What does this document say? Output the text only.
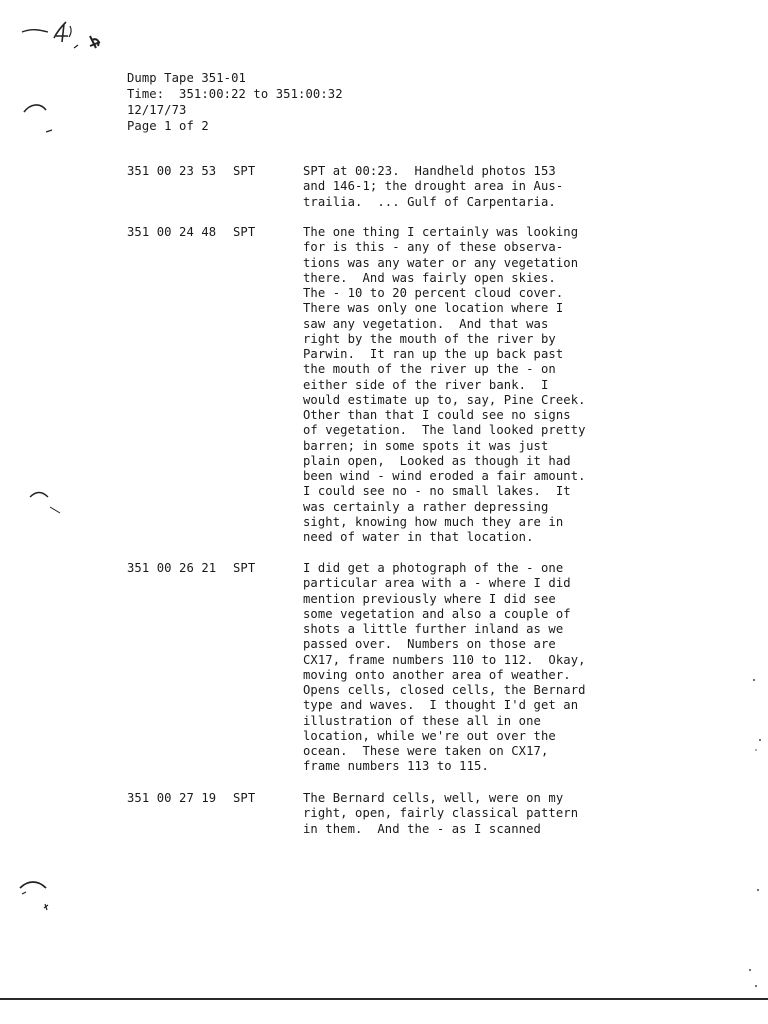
Dump Tape 351-01
Time:  351:00:22 to 351:00:32
12/17/73
Page 1 of 2
351 00 23 53 SPT	SPT at 00:23.  Handheld photos 153
and 146-1; the drought area in Aus-
trailia.  ... Gulf of Carpentaria.
351 00 24 48 SPT	The one thing I certainly was looking
for is this - any of these observa-
tions was any water or any vegetation
there.  And was fairly open skies.
The - 10 to 20 percent cloud cover.
There was only one location where I
saw any vegetation.  And that was
right by the mouth of the river by
Parwin.  It ran up the up back past
the mouth of the river up the - on
either side of the river bank.  I
would estimate up to, say, Pine Creek.
Other than that I could see no signs
of vegetation.  The land looked pretty
barren; in some spots it was just
plain open,  Looked as though it had
been wind - wind eroded a fair amount.
I could see no - no small lakes.  It
was certainly a rather depressing
sight, knowing how much they are in
need of water in that location.
351 00 26 21 SPT	I did get a photograph of the - one
particular area with a - where I did
mention previously where I did see
some vegetation and also a couple of
shots a little further inland as we
passed over.  Numbers on those are
CX17, frame numbers 110 to 112.  Okay,
moving onto another area of weather.
Opens cells, closed cells, the Bernard
type and waves.  I thought I'd get an
illustration of these all in one
location, while we're out over the
ocean.  These were taken on CX17,
frame numbers 113 to 115.
351 00 27 19 SPT	The Bernard cells, well, were on my
right, open, fairly classical pattern
in them.  And the - as I scanned
